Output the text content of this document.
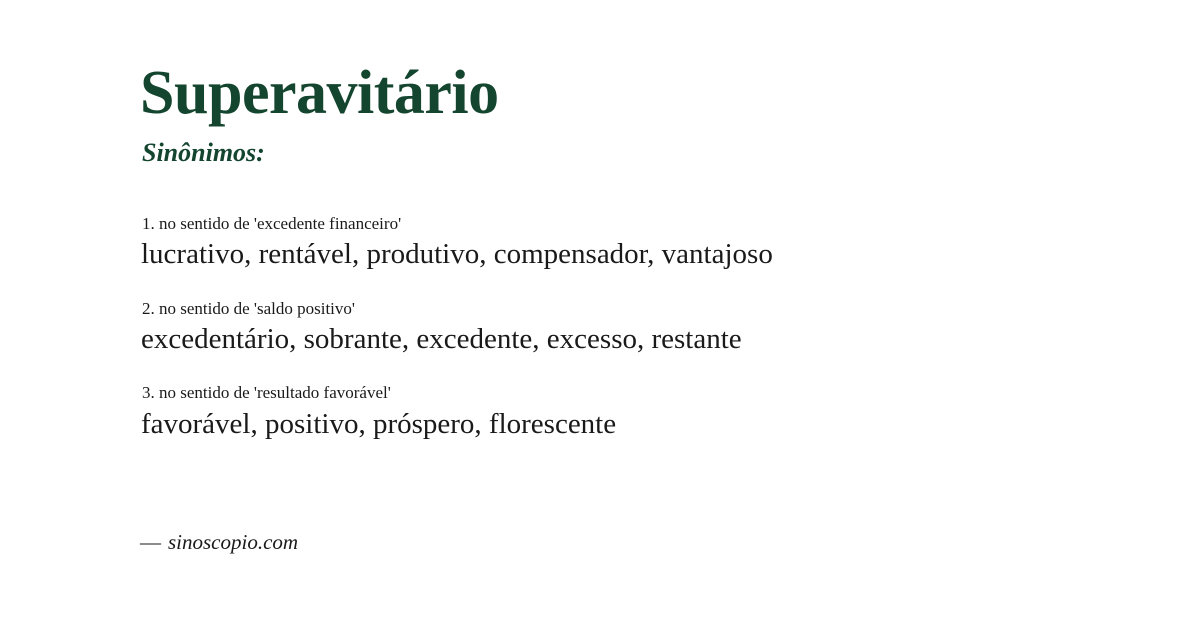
Superavitário
Sinônimos:
1. no sentido de 'excedente financeiro'
lucrativo, rentável, produtivo, compensador, vantajoso
2. no sentido de 'saldo positivo'
excedentário, sobrante, excedente, excesso, restante
3. no sentido de 'resultado favorável'
favorável, positivo, próspero, florescente
— sinoscopio.com
